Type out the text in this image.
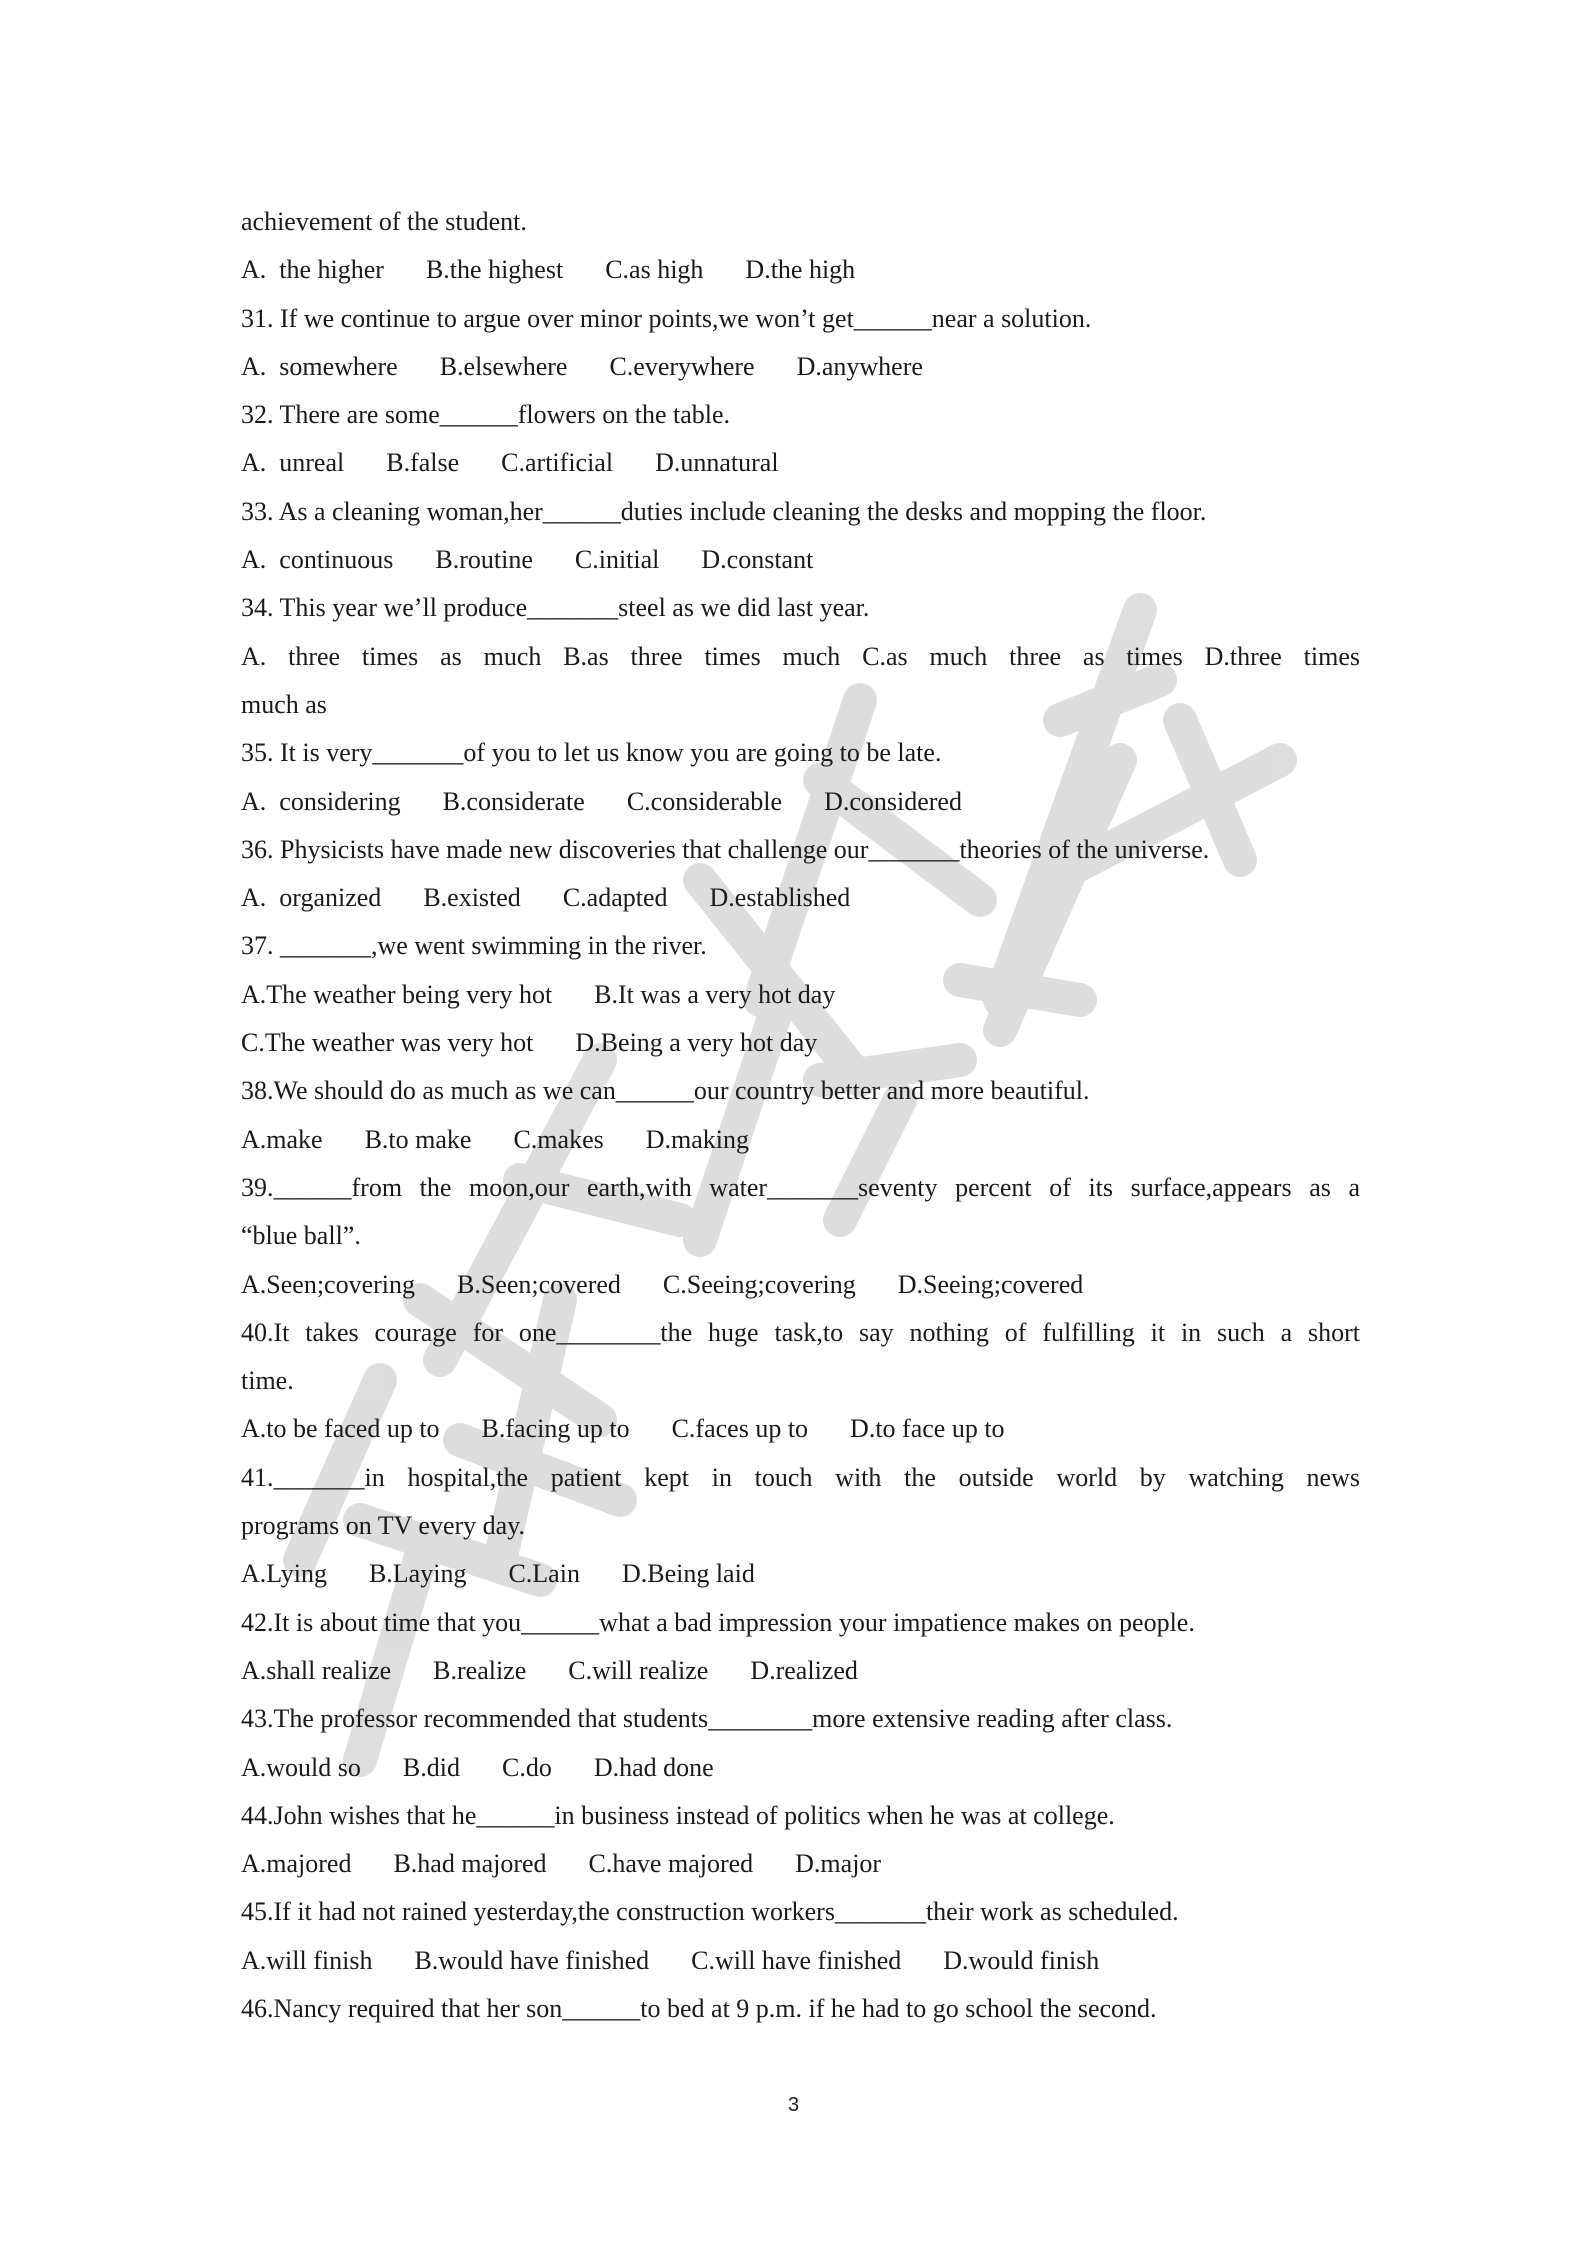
achievement of the student.
A.  the higher B.the highest C.as high D.the high
31. If we continue to argue over minor points,we won’t get______near a solution.
A.  somewhere B.elsewhere C.everywhere D.anywhere
32. There are some______flowers on the table.
A.  unreal B.false C.artificial D.unnatural
33. As a cleaning woman,her______duties include cleaning the desks and mopping the floor.
A.  continuous B.routine C.initial D.constant
34. This year we’ll produce_______steel as we did last year.
A. three times as much B.as three times much C.as much three as times D.three times
much as
35. It is very_______of you to let us know you are going to be late.
A.  considering B.considerate C.considerable D.considered
36. Physicists have made new discoveries that challenge our_______theories of the universe.
A.  organized B.existed C.adapted D.established
37. _______,we went swimming in the river.
A.The weather being very hot B.It was a very hot day
C.The weather was very hot D.Being a very hot day
38.We should do as much as we can______our country better and more beautiful.
A.make B.to make C.makes D.making
39.______from the moon,our earth,with water_______seventy percent of its surface,appears as a
“blue ball”.
A.Seen;covering B.Seen;covered C.Seeing;covering D.Seeing;covered
40.It takes courage for one________the huge task,to say nothing of fulfilling it in such a short
time.
A.to be faced up to B.facing up to C.faces up to D.to face up to
41._______in hospital,the patient kept in touch with the outside world by watching news
programs on TV every day.
A.Lying B.Laying C.Lain D.Being laid
42.It is about time that you______what a bad impression your impatience makes on people.
A.shall realize B.realize C.will realize D.realized
43.The professor recommended that students________more extensive reading after class.
A.would so B.did C.do D.had done
44.John wishes that he______in business instead of politics when he was at college.
A.majored B.had majored C.have majored D.major
45.If it had not rained yesterday,the construction workers_______their work as scheduled.
A.will finish B.would have finished C.will have finished D.would finish
46.Nancy required that her son______to bed at 9 p.m. if he had to go school the second.
3
